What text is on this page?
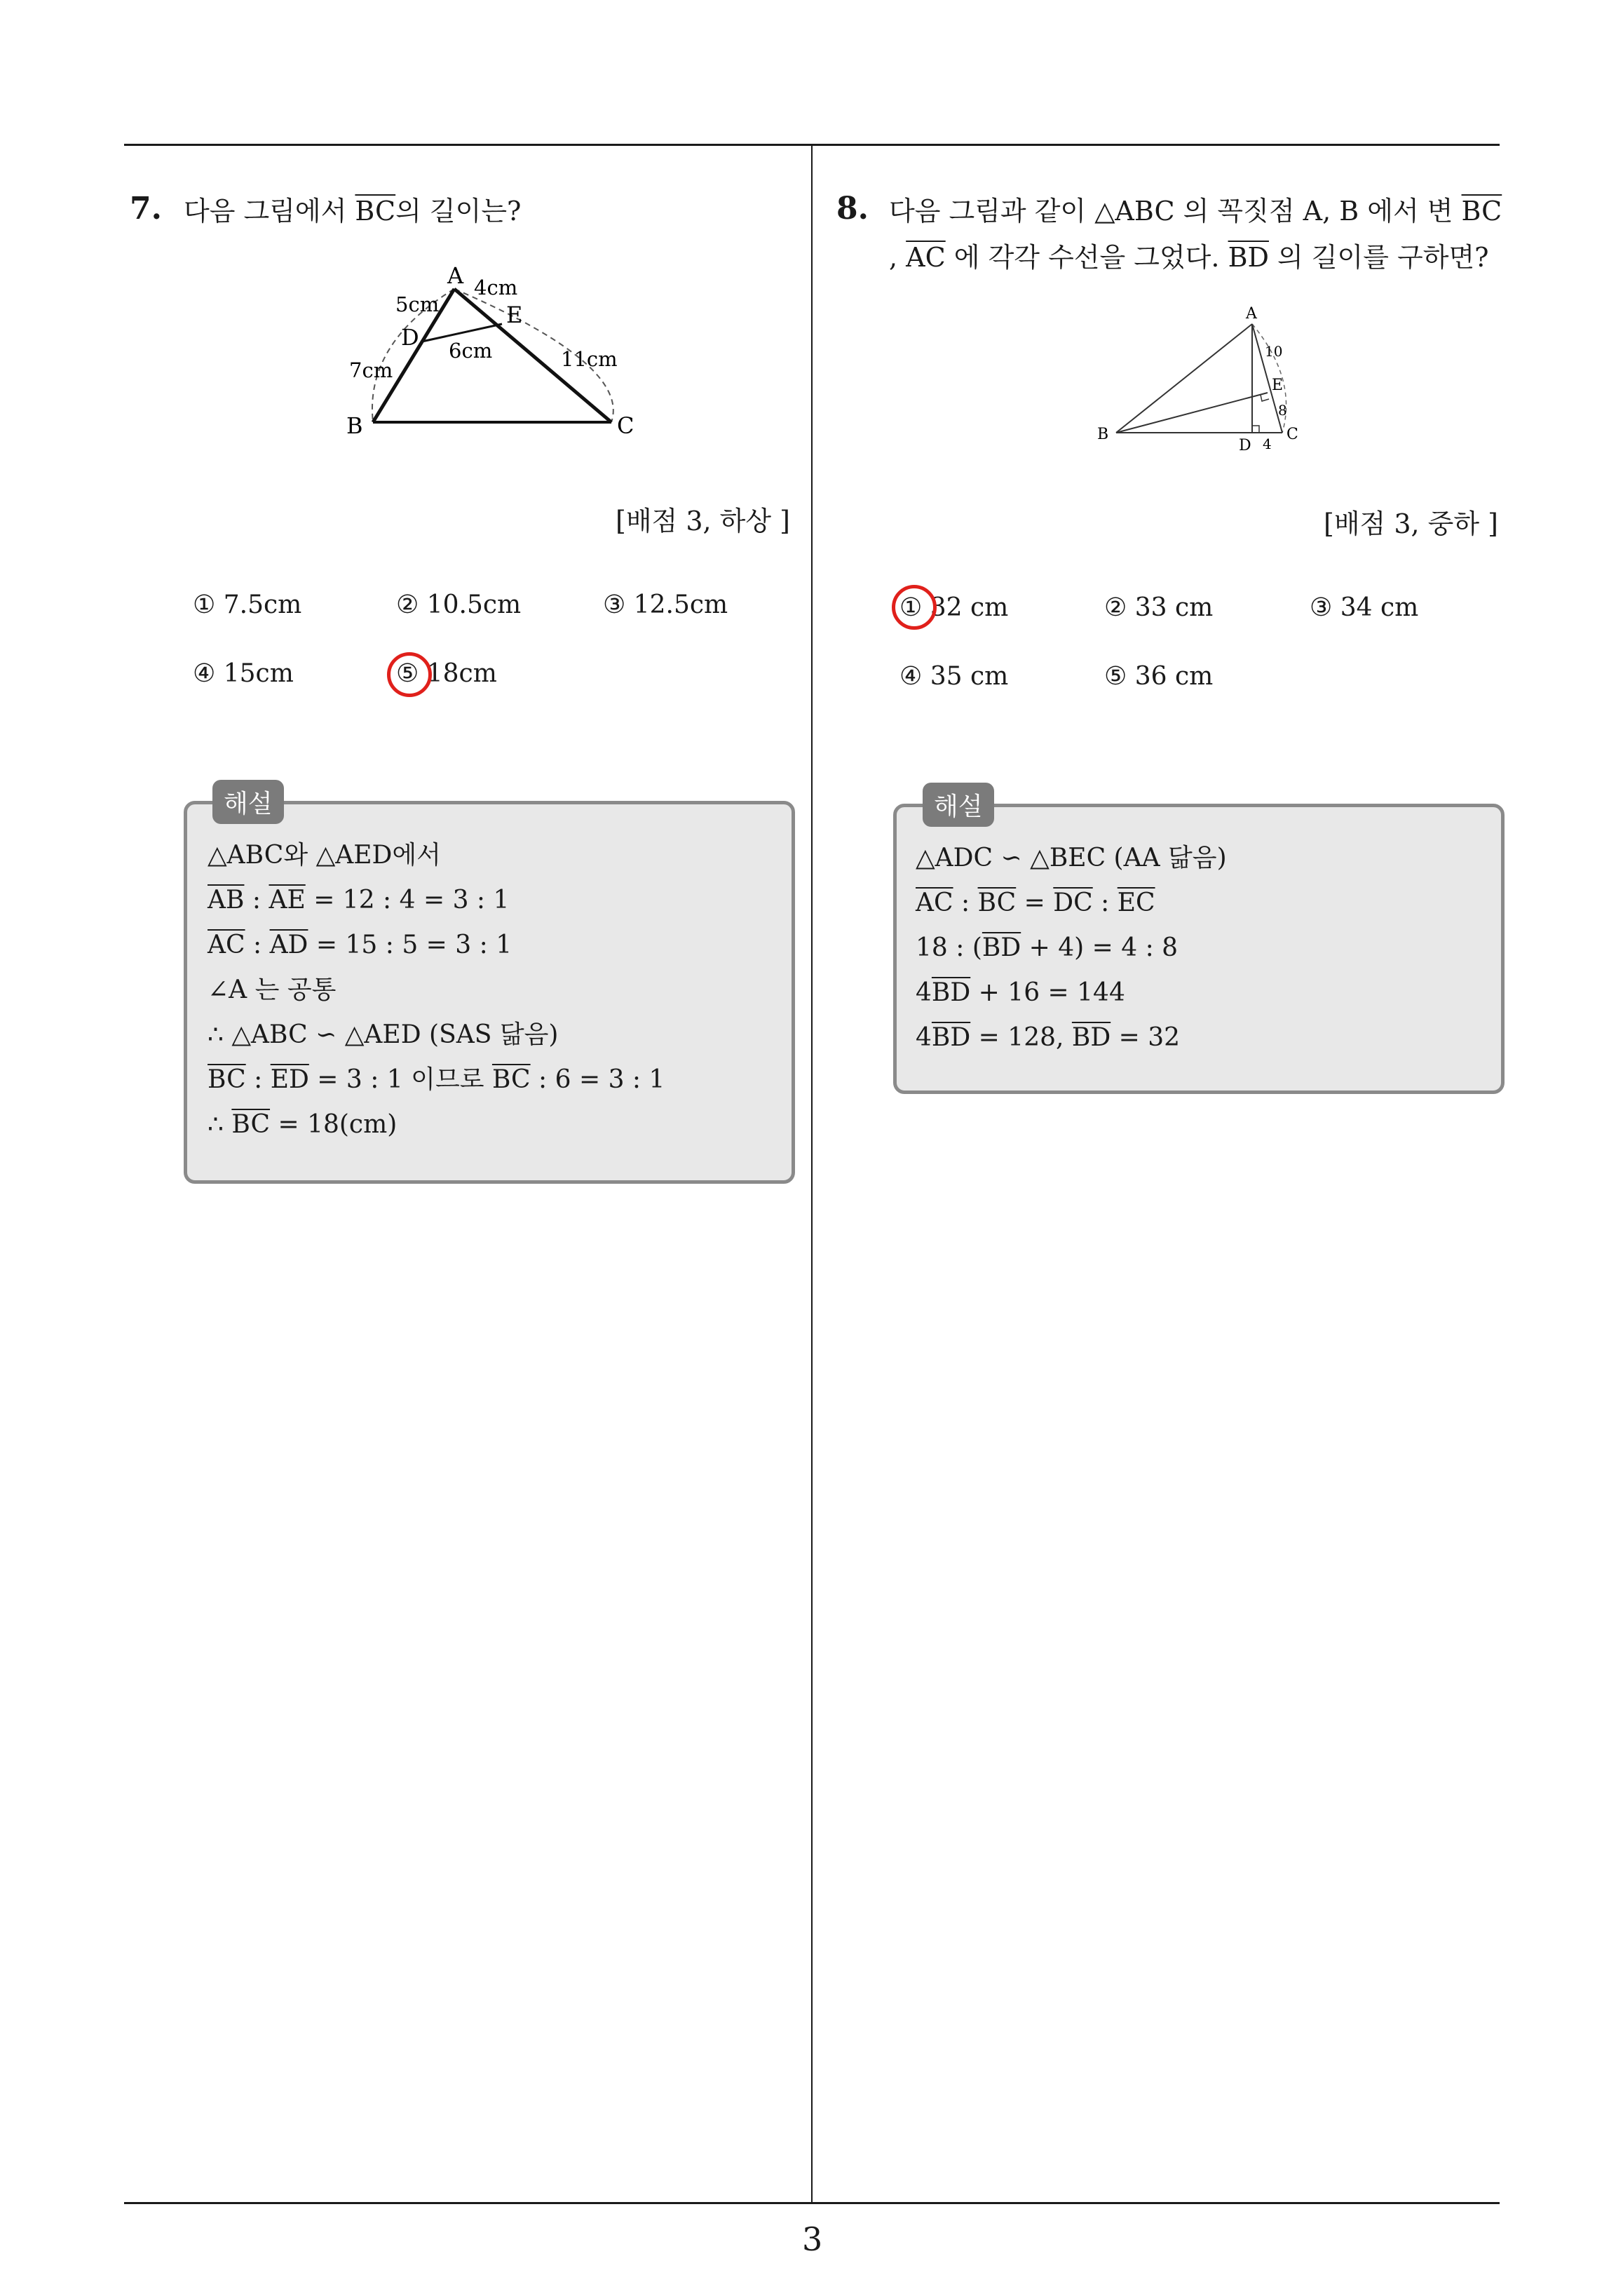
7. 다음 그림에서 $\overline{BC}$의 길이는?
A
B	C
D
E
5cm
4cm
6cm
7cm	11cm
[배점 3, 하상 ]
① 7.5cm	② 10.5cm	③ 12.5cm
④ 15cm	⑤ 18cm
해설
△ABC와 △AED에서
$\overline{AB}$ : $\overline{AE} = 12$ : 4 = 3 : 1
$\overline{AC}$ : $\overline{AD} = 15$ : 5 = 3 : 1
∠A 는 공통
∴ △ABC ∽ △AED (SAS 닮음)
$\overline{BC}$ : $\overline{ED} = 3$ : 1 이므로 $\overline{BC}$ : 6 = 3 : 1
∴ $\overline{BC} = 18(cm)$
8. 다음 그림과 같이 △ABC 의 꼭짓점 A, B 에서 변 $\overline{BC}$
, $\overline{AC}$ 에 각각 수선을 그었다. $\overline{BD}$ 의 길이를 구하면?
A
B	C
D
E
10
8
4
[배점 3, 중하 ]
① 32 cm	② 33 cm	③ 34 cm
④ 35 cm	⑤ 36 cm
해설
△ADC ∽ △BEC (AA 닮음)
$\overline{AC}$ : $\overline{BC} = \overline{DC}$ : $\overline{EC}$
18 : $(\overline{BD} + 4) = 4$ : 8
$4\overline{BD} + 16 = 144$
$4\overline{BD} = 128$, $\overline{BD} = 32$
3
